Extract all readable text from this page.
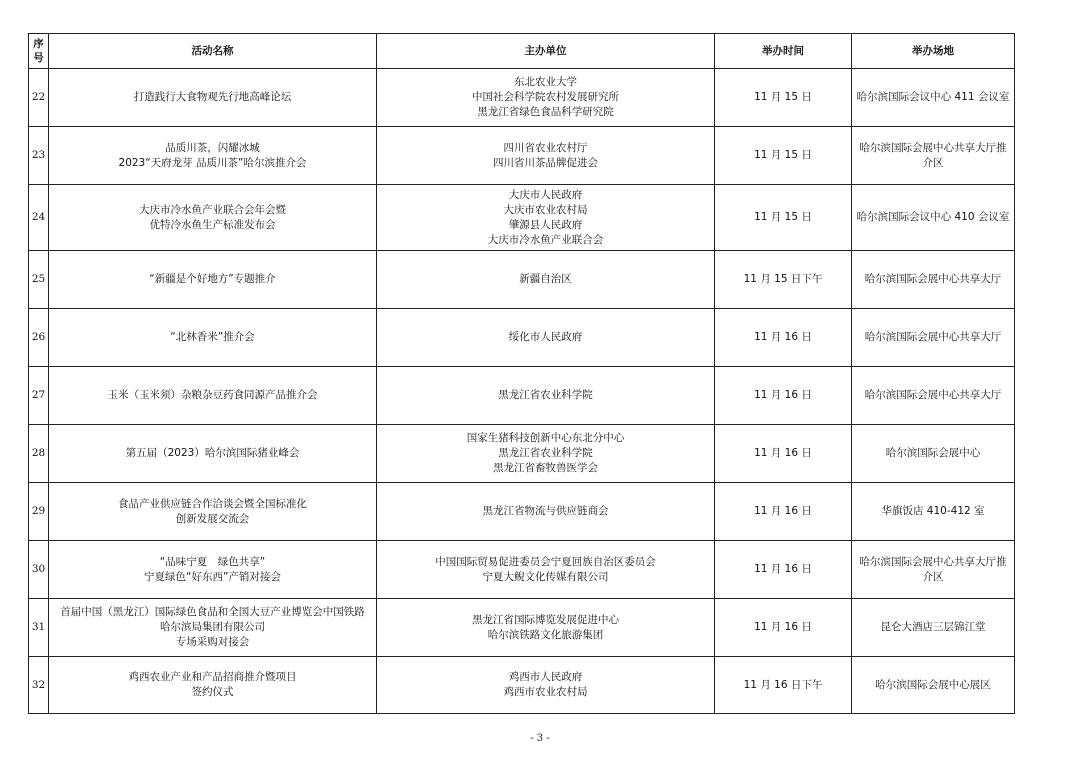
序号	活动名称	主办单位	举办时间	举办场地
22	打造践行大食物观先行地高峰论坛	东北农业大学
中国社会科学院农村发展研究所
黑龙江省绿色食品科学研究院	11 月 15 日	哈尔滨国际会议中心 411 会议室

23	品质川茶，闪耀冰城
2023“天府龙芽 品质川茶”哈尔滨推介会	四川省农业农村厅
四川省川茶品牌促进会	11 月 15 日	哈尔滨国际会展中心共享大厅推介区

24	大庆市冷水鱼产业联合会年会暨
优特冷水鱼生产标准发布会	大庆市人民政府
大庆市农业农村局
肇源县人民政府
大庆市冷水鱼产业联合会	11 月 15 日	哈尔滨国际会议中心 410 会议室

25	“新疆是个好地方”专题推介	新疆自治区	11 月 15 日下午	哈尔滨国际会展中心共享大厅

26	“北林香米”推介会	绥化市人民政府	11 月 16 日	哈尔滨国际会展中心共享大厅

27	玉米（玉米须）杂粮杂豆药食同源产品推介会	黑龙江省农业科学院	11 月 16 日	哈尔滨国际会展中心共享大厅

28	第五届（2023）哈尔滨国际猪业峰会	国家生猪科技创新中心东北分中心
黑龙江省农业科学院
黑龙江省畜牧兽医学会	11 月 16 日	哈尔滨国际会展中心

29	食品产业供应链合作洽谈会暨全国标准化
创新发展交流会	黑龙江省物流与供应链商会	11 月 16 日	华旗饭店 410-412 室

30	“品味宁夏　绿色共享”
宁夏绿色“好东西”产销对接会	中国国际贸易促进委员会宁夏回族自治区委员会
宁夏大鲵文化传媒有限公司	11 月 16 日	哈尔滨国际会展中心共享大厅推介区

31	首届中国（黑龙江）国际绿色食品和全国大豆产业博览会中国铁路
哈尔滨局集团有限公司
专场采购对接会	黑龙江省国际博览发展促进中心
哈尔滨铁路文化旅游集团	11 月 16 日	昆仑大酒店三层锦江堂

32	鸡西农业产业和产品招商推介暨项目
签约仪式	鸡西市人民政府
鸡西市农业农村局	11 月 16 日下午	哈尔滨国际会展中心展区
- 3 -
